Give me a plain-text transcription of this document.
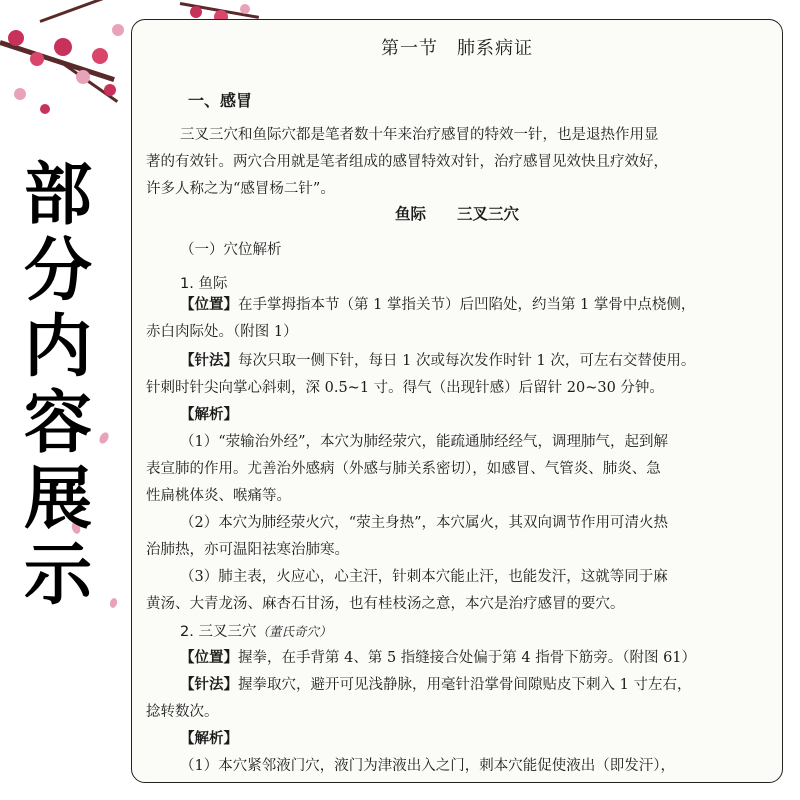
部
分
内
容
展
示
第一节　肺系病证
一、感冒
三叉三穴和鱼际穴都是笔者数十年来治疗感冒的特效一针，也是退热作用显
著的有效针。两穴合用就是笔者组成的感冒特效对针，治疗感冒见效快且疗效好，
许多人称之为“感冒杨二针”。
鱼际　　三叉三穴
（一）穴位解析
1. 鱼际
【位置】在手掌拇指本节（第 1 掌指关节）后凹陷处，约当第 1 掌骨中点桡侧，
赤白肉际处。（附图 1）
【针法】每次只取一侧下针，每日 1 次或每次发作时针 1 次，可左右交替使用。
针刺时针尖向掌心斜刺，深 0.5~1 寸。得气（出现针感）后留针 20~30 分钟。
【解析】
（1）“荥输治外经”，本穴为肺经荥穴，能疏通肺经经气，调理肺气，起到解
表宣肺的作用。尤善治外感病（外感与肺关系密切），如感冒、气管炎、肺炎、急
性扁桃体炎、喉痛等。
（2）本穴为肺经荥火穴，“荥主身热”，本穴属火，其双向调节作用可清火热
治肺热，亦可温阳祛寒治肺寒。
（3）肺主表，火应心，心主汗，针刺本穴能止汗，也能发汗，这就等同于麻
黄汤、大青龙汤、麻杏石甘汤，也有桂枝汤之意，本穴是治疗感冒的要穴。
2. 三叉三穴（董氏奇穴）
【位置】握拳，在手背第 4、第 5 指缝接合处偏于第 4 指骨下筋旁。（附图 61）
【针法】握拳取穴，避开可见浅静脉，用毫针沿掌骨间隙贴皮下刺入 1 寸左右，
捻转数次。
【解析】
（1）本穴紧邻液门穴，液门为津液出入之门，刺本穴能促使液出（即发汗），
